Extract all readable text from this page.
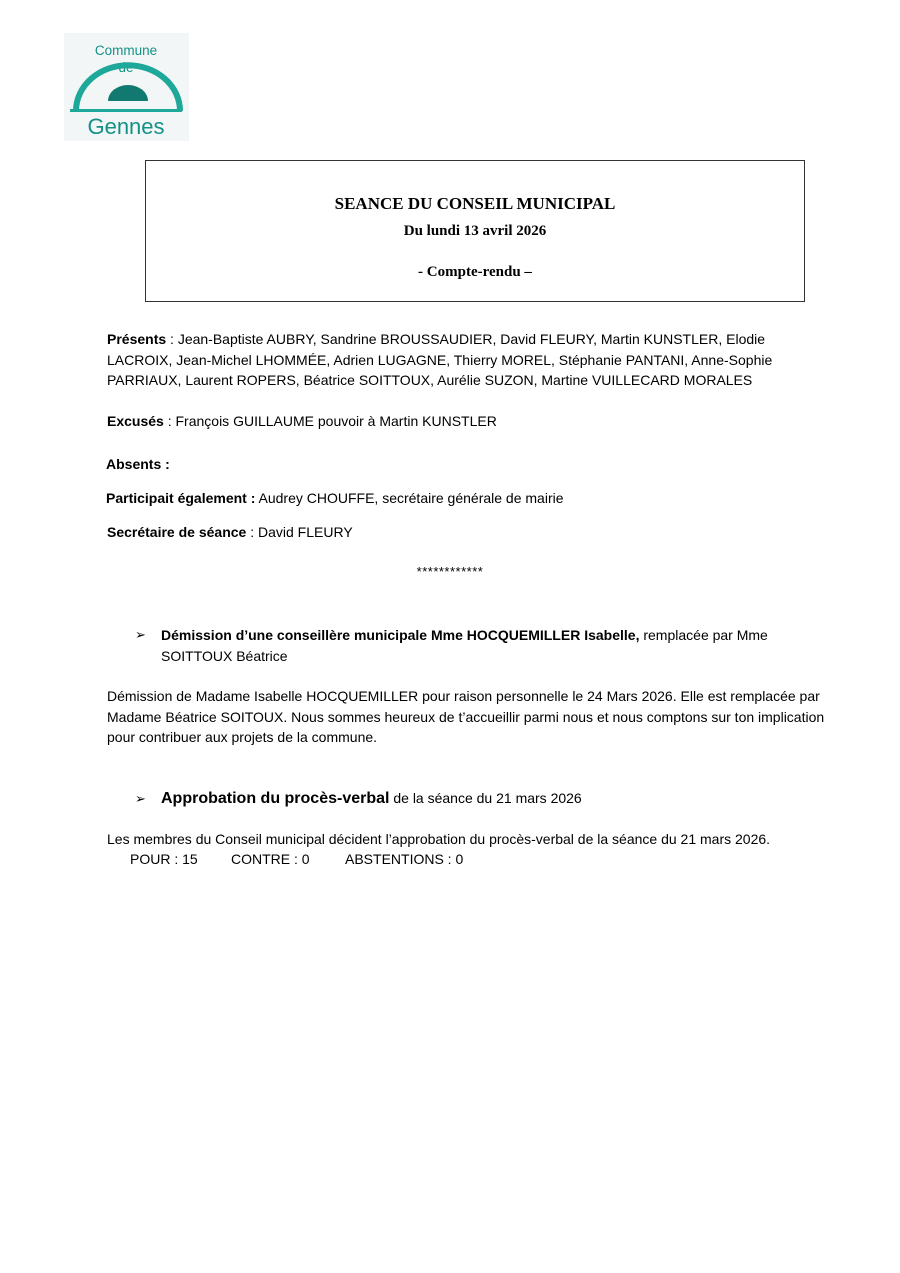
Commune
de
Gennes
SEANCE DU CONSEIL MUNICIPAL
Du lundi 13 avril 2026
- Compte-rendu –
Présents : Jean-Baptiste AUBRY, Sandrine BROUSSAUDIER, David FLEURY, Martin KUNSTLER, Elodie LACROIX, Jean-Michel LHOMMÉE, Adrien LUGAGNE, Thierry MOREL, Stéphanie PANTANI, Anne-Sophie PARRIAUX, Laurent ROPERS, Béatrice SOITTOUX, Aurélie SUZON, Martine VUILLECARD MORALES
Excusés : François GUILLAUME pouvoir à Martin KUNSTLER
Absents :
Participait également : Audrey CHOUFFE, secrétaire générale de mairie
Secrétaire de séance : David FLEURY
************
➢ Démission d’une conseillère municipale Mme HOCQUEMILLER Isabelle, remplacée par Mme SOITTOUX Béatrice
Démission de Madame Isabelle HOCQUEMILLER pour raison personnelle le 24 Mars 2026. Elle est remplacée par Madame Béatrice SOITOUX. Nous sommes heureux de t’accueillir parmi nous et nous comptons sur ton implication pour contribuer aux projets de la commune.
➢ Approbation du procès-verbal de la séance du 21 mars 2026
Les membres du Conseil municipal décident l’approbation du procès-verbal de la séance du 21 mars 2026.
POUR : 15 CONTRE : 0	ABSTENTIONS : 0
